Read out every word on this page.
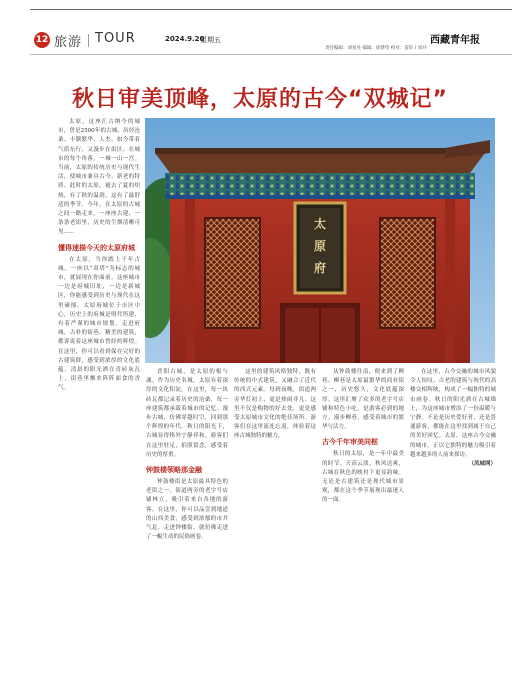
12 旅游 TOUR	2024.9.20
星期五	西藏青年报
责任编辑：刘星亮 编辑：徐梦伟 校对：雷轩 / 冰井
秋日审美顶峰，太原的古今“双城记”

太原，这座汇古纳今的城市，曾是2500年的古城、历经沧桑、丰腴繁华、人杰、如今带着气质东行、又漫步在街区、在城市的每个角落，一城一山一宫。当前，太原的传统历史与现代生活，使城市兼具古今、新老的特质。此时的太原，褪去了夏的炽热，有了秋的温润，这有了最舒适的季节。今年，在太原的古城之间一路走来，一座座古建、一条条老街里，历史的尘烟清晰可见……

懂得速描今天的太原府城

在太原，当你踏上千年古城，一座以“双塔”为标志的城市，就展现在你面前。这座城市一边是府城旧址，一边是新城区，你能感受到历史与现代在这里碰撞。太原府城位于市区中心，历史上的府城是明代所建，有着严谨的城市规划。走进府城，古朴的街巷、精美的建筑，都诉说着这座城市曾经的辉煌。在这里，你可以看到保存完好的古建筑群，感受到浓厚的文化底蕴。清晨的阳光洒在青砖灰瓦上，街巷里飘来阵阵面食的香气。

太
原
府

晋阳古城，是太原的根与魂。作为历史名城，太原有着深厚的文化积淀。在这里，每一块砖瓦都记录着历史的沧桑，每一座建筑都承载着城市的记忆。漫步古城，仿佛穿越时空，回到那个辉煌的年代。秋日的阳光下，古城显得格外宁静祥和。游客们在这里驻足，拍照留念，感受着历史的厚重。

钟鼓楼领略那金融

钟鼓楼街是太原最具特色的老街之一。街道两旁的老字号店铺林立，吸引着来自各地的游客。在这里，你可以品尝到地道的山西美食，感受到浓郁的市井气息。走进钟楼街，就仿佛走进了一幅生动的民俗画卷。

这里的建筑风格独特，既有传统的中式建筑，又融合了近代的西式元素。每到夜晚，街道两旁华灯初上，更是热闹非凡。这里不仅是购物的好去处，更是感受太原城市文化的绝佳场所。游客们在这里流连忘返，体验着这座古城独特的魅力。

从钟鼓楼往南，便来到了柳巷。柳巷是太原最繁华的商业街之一，历史悠久，文化底蕴深厚。这里汇聚了众多的老字号店铺和特色小吃，是游客必到的地方。漫步柳巷，感受着城市的繁华与活力。

古今千年审美同框

秋日的太原，是一年中最美的时节。天高云淡，秋风送爽，古城在秋色的映衬下更显韵味。无论是古建筑还是现代城市景观，都在这个季节展现出最迷人的一面。

在这里，古今交融的城市风貌令人惊叹。古老的建筑与现代的高楼交相辉映，构成了一幅独特的城市画卷。秋日的阳光洒在古城墙上，为这座城市增添了一份温暖与宁静。不论是历史爱好者，还是普通游客，都能在这里找到属于自己的美好回忆。太原，这座古今交融的城市，正以它独特的魅力吸引着越来越多的人前来探访。

（凤城网）
